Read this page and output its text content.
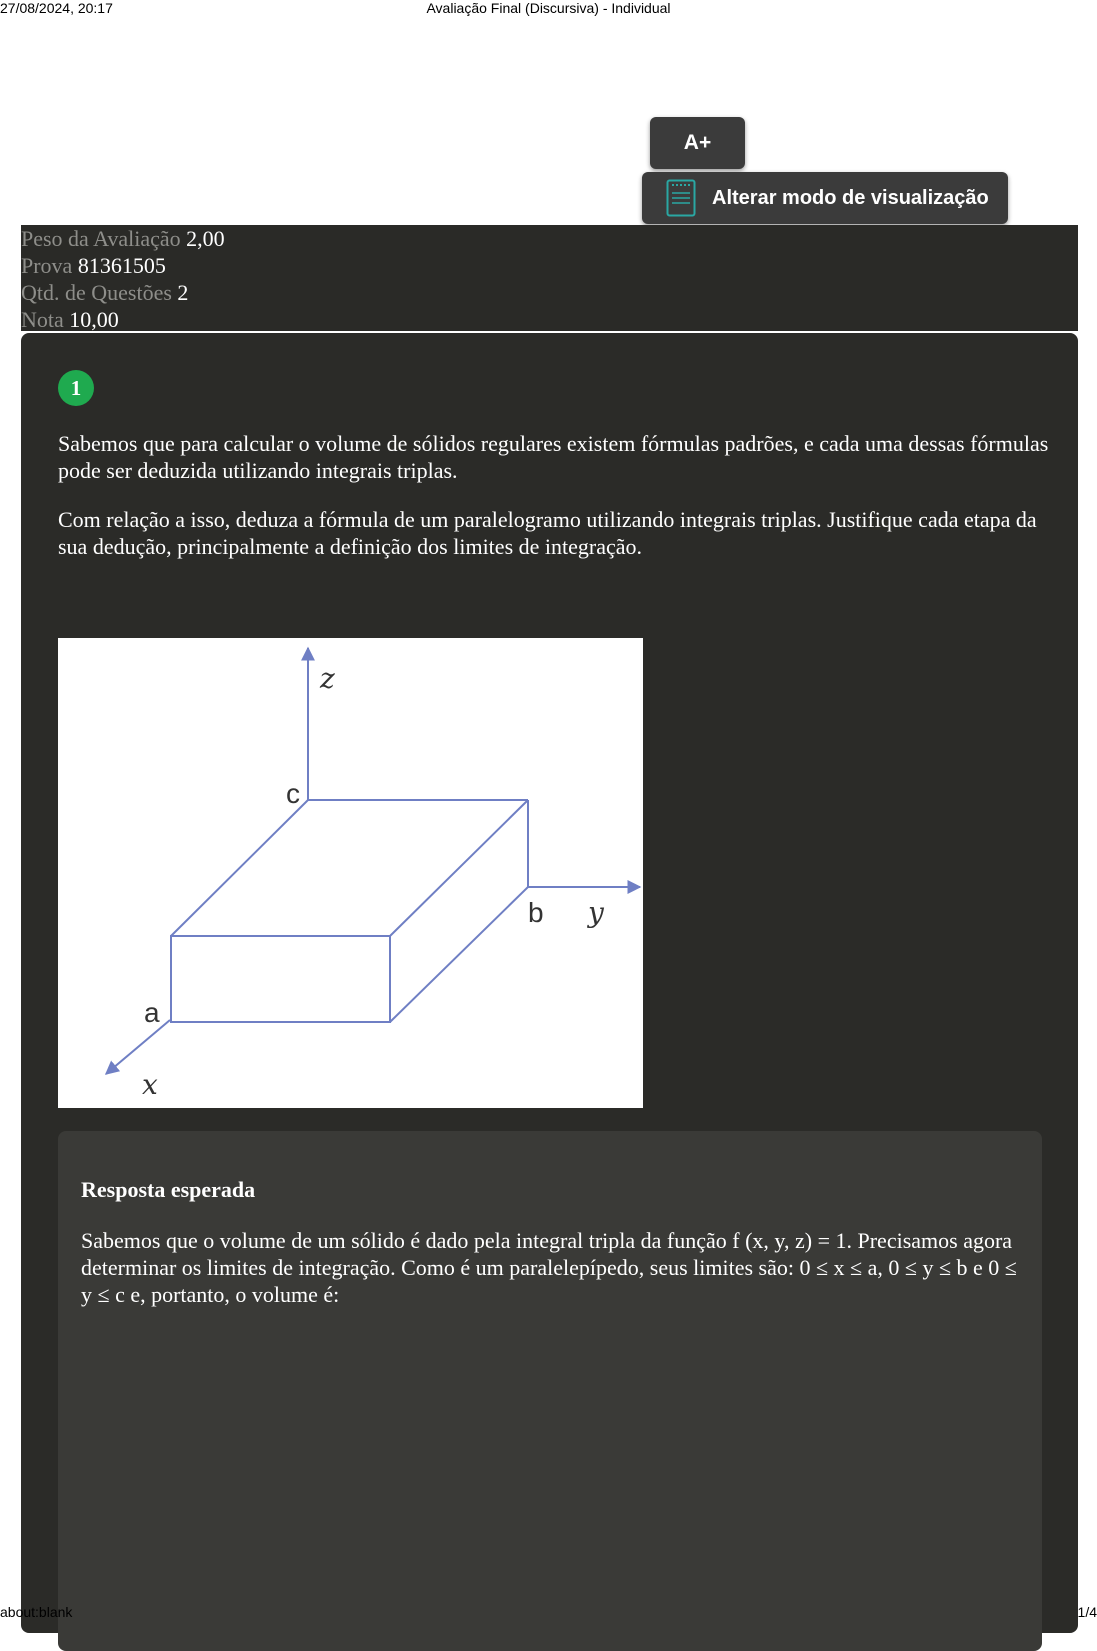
27/08/2024, 20:17	Avaliação Final (Discursiva) - Individual
A+
Alterar modo de visualização
Peso da Avaliação 2,00
Prova 81361505
Qtd. de Questões 2
Nota 10,00
1

Sabemos que para calcular o volume de sólidos regulares existem fórmulas padrões, e cada uma dessas fórmulas pode ser deduzida utilizando integrais triplas.

Com relação a isso, deduza a fórmula de um paralelogramo utilizando integrais triplas. Justifique cada etapa da sua dedução, principalmente a definição dos limites de integração.

z
c
b y
a
x
Resposta esperada
Sabemos que o volume de um sólido é dado pela integral tripla da função f (x, y, z) = 1. Precisamos agora determinar os limites de integração. Como é um paralelepípedo, seus limites são: 0 ≤ x ≤ a, 0 ≤ y ≤ b e 0 ≤ y ≤ c e, portanto, o volume é:
about:blank	1/4
